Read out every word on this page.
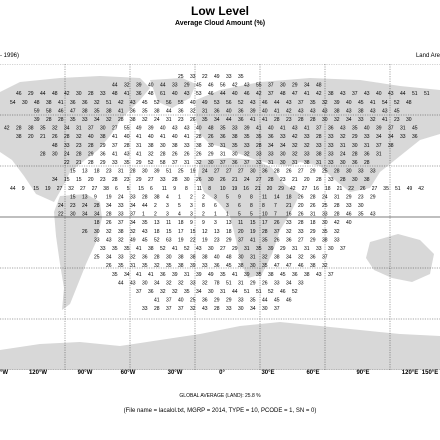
Low Level
Average Cloud Amount (%)
- 1996)	Land Are
25 33 22 49 33 35
44 32 39 40 44 33 29 45 46 56 42 43 55 37 30 29 34 48
46 29 44 48 42 30 28 33 48 41 36 48 61 40 43 53 46 44 40 46 42 37 48 47 41 42 38 43 37 43 40 43 44 51 51
54 30 48 38 41 36 36 32 51 42 43 45 52 56 55 40 49 53 56 52 43 46 44 43 37 35 32 39 40 45 41 54 52 48
59 58 46 47 38 35 38 41 36 35 38 44 36 32 31 36 40 36 39 40 41 42 43 43 43 38 43 38 43 43 45
39 28 28 35 33 34 32 28 38 32 24 31 23 26 35 34 44 36 41 41 28 23 28 28 30 32 34 33 32 41 23 30
42 28 38 35 32 34 31 37 30 27 55 49 39 40 43 43 40 48 35 33 39 41 40 41 43 41 37 36 43 35 40 39 37 31 45
38 20 21 26 28 32 40 38 41 40 41 40 41 40 41 28 26 36 38 35 35 36 33 42 33 28 33 32 29 33 34 34 33 36
48 33 23 28 29 37 28 31 38 30 38 33 38 30 31 35 33 28 34 34 32 32 33 33 31 30 31 37 38
28 30 24 28 29 36 41 43 41 32 28 26 26 26 29 31 30 32 33 33 30 32 33 38 33 24 28 36 31
22 21 28 29 33 35 29 52 58 37 31 32 30 37 36 37 33 31 30 31 38 31 33 30 36 28
15 13 18 23 31 28 30 39 51 25 19 24 27 27 27 30 36 28 26 27 29 25 28 30 33 33
34 15 15 20 23 28 23 29 27 33 28 30 26 30 26 21 24 27 28 23 21 20 28 33 28 30 38
44 9 15 19 27 32 27 27 38 6 5 15 6 11 9 8 11 8 10 19 16 21 20 29 42 27 16 18 21 22 26 27 35 51 49 42
15 13 9 19 24 33 28 38 4 1 2 2 3 5 9 8 11 14 18 26 28 24 31 29 23 29
24 23 24 28 34 33 34 44 2 3 5 3 8 6 3 6 8 8 7 21 20 26 25 28 33 30
22 30 34 34 28 33 37 1 2 3 4 3 2 1 1 5 5 10 7 16 26 31 33 28 46 35 43
18 26 37 34 35 13 11 18 9 9 3 13 11 15 17 26 33 28 18 30 42 40
26 30 32 38 32 43 18 15 17 15 12 13 18 20 19 28 37 32 33 29 35 32
33 43 32 49 45 52 63 19 22 19 23 29 37 41 35 26 36 27 29 38 33
33 35 35 41 38 52 41 52 43 30 27 29 31 35 39 29 31 31 33 30 37
25 34 33 32 36 28 30 38 38 38 40 48 30 31 32 38 34 32 36 37
26 35 31 35 32 35 38 39 33 36 45 38 30 35 47 47 46 38 32
35 34 41 41 36 39 31 39 49 35 41 39 35 38 45 36 38 43 37
44 43 30 34 32 32 33 32 78 51 31 29 26 33 34 33
37 36 32 32 35 34 30 31 44 51 51 52 46 52
41 37 40 25 36 29 29 33 35 44 45 46
33 28 37 37 32 43 28 33 30 34 30 37
°W	120°W	90°W	60°W	30°W	0°	30°E	60°E	90°E	120°E 150°E
GLOBAL AVERAGE (LAND): 25.8 %
(File name = lacalol.txt, MGRP = 2014, TYPE = 10, PCODE = 1, SN = 0)
